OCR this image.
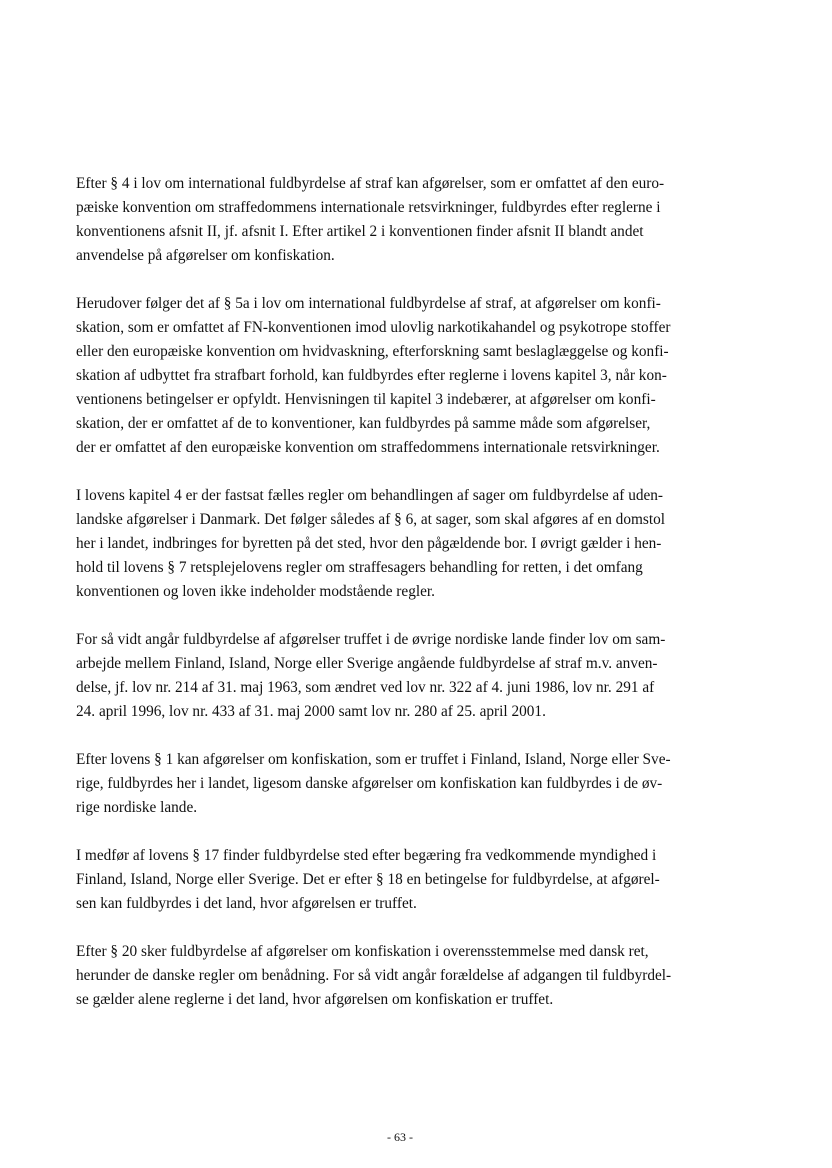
Efter § 4 i lov om international fuldbyrdelse af straf kan afgørelser, som er omfattet af den euro-
pæiske konvention om straffedommens internationale retsvirkninger, fuldbyrdes efter reglerne i
konventionens afsnit II, jf. afsnit I. Efter artikel 2 i konventionen finder afsnit II blandt andet
anvendelse på afgørelser om konfiskation.

Herudover følger det af § 5a i lov om international fuldbyrdelse af straf, at afgørelser om konfi-
skation, som er omfattet af FN-konventionen imod ulovlig narkotikahandel og psykotrope stoffer
eller den europæiske konvention om hvidvaskning, efterforskning samt beslaglæggelse og konfi-
skation af udbyttet fra strafbart forhold, kan fuldbyrdes efter reglerne i lovens kapitel 3, når kon-
ventionens betingelser er opfyldt. Henvisningen til kapitel 3 indebærer, at afgørelser om konfi-
skation, der er omfattet af de to konventioner, kan fuldbyrdes på samme måde som afgørelser,
der er omfattet af den europæiske konvention om straffedommens internationale retsvirkninger.

I lovens kapitel 4 er der fastsat fælles regler om behandlingen af sager om fuldbyrdelse af uden-
landske afgørelser i Danmark. Det følger således af § 6, at sager, som skal afgøres af en domstol
her i landet, indbringes for byretten på det sted, hvor den pågældende bor. I øvrigt gælder i hen-
hold til lovens § 7 retsplejelovens regler om straffesagers behandling for retten, i det omfang
konventionen og loven ikke indeholder modstående regler.

For så vidt angår fuldbyrdelse af afgørelser truffet i de øvrige nordiske lande finder lov om sam-
arbejde mellem Finland, Island, Norge eller Sverige angående fuldbyrdelse af straf m.v. anven-
delse, jf. lov nr. 214 af 31. maj 1963, som ændret ved lov nr. 322 af 4. juni 1986, lov nr. 291 af
24. april 1996, lov nr. 433 af 31. maj 2000 samt lov nr. 280 af 25. april 2001.

Efter lovens § 1 kan afgørelser om konfiskation, som er truffet i Finland, Island, Norge eller Sve-
rige, fuldbyrdes her i landet, ligesom danske afgørelser om konfiskation kan fuldbyrdes i de øv-
rige nordiske lande.

I medfør af lovens § 17 finder fuldbyrdelse sted efter begæring fra vedkommende myndighed i
Finland, Island, Norge eller Sverige. Det er efter § 18 en betingelse for fuldbyrdelse, at afgørel-
sen kan fuldbyrdes i det land, hvor afgørelsen er truffet.

Efter § 20 sker fuldbyrdelse af afgørelser om konfiskation i overensstemmelse med dansk ret,
herunder de danske regler om benådning. For så vidt angår forældelse af adgangen til fuldbyrdel-
se gælder alene reglerne i det land, hvor afgørelsen om konfiskation er truffet.

- 63 -
